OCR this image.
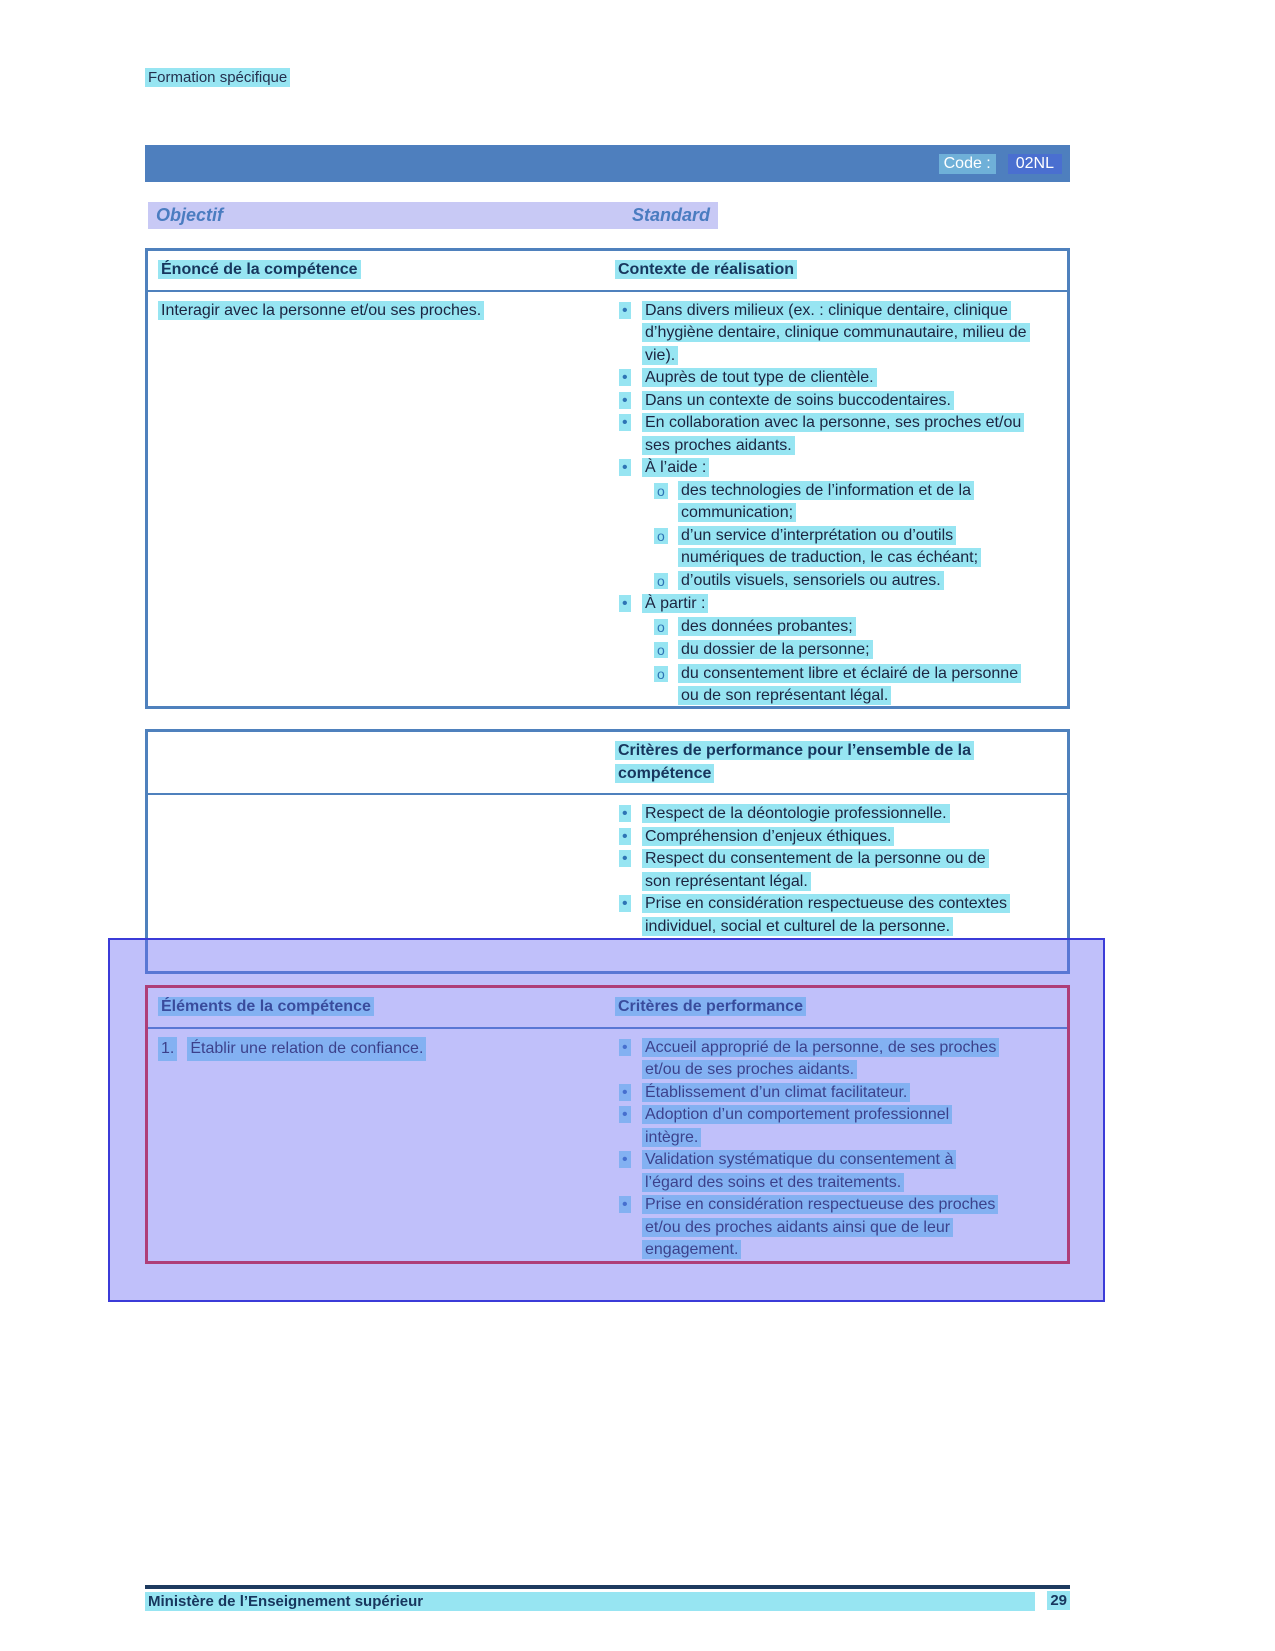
Formation spécifique
Code :	02NL
Objectif	Standard
Énoncé de la compétence	Contexte de réalisation
Interagir avec la personne et/ou ses proches. •	Dans divers milieux (ex. : clinique dentaire, clinique d’hygiène dentaire, clinique communautaire, milieu de vie).
•
Auprès de tout type de clientèle.
•
Dans un contexte de soins buccodentaires.
•
En collaboration avec la personne, ses proches et/ou ses proches aidants.
•
À l’aide :
o
des technologies de l’information et de la communication;
o
d’un service d’interprétation ou d’outils numériques de traduction, le cas échéant;
o
d’outils visuels, sensoriels ou autres.
•
À partir :
o
des données probantes;
o
du dossier de la personne;
o
du consentement libre et éclairé de la personne ou de son représentant légal.
Critères de performance pour l’ensemble de la compétence
•
Respect de la déontologie professionnelle.
•
Compréhension d’enjeux éthiques.
•
Respect du consentement de la personne ou de son représentant légal.
•
Prise en considération respectueuse des contextes individuel, social et culturel de la personne.
Éléments de la compétence	Critères de performance
1. Établir une relation de confiance. •	Accueil approprié de la personne, de ses proches et/ou de ses proches aidants.
•
Établissement d’un climat facilitateur.
•
Adoption d’un comportement professionnel intègre.
•
Validation systématique du consentement à l’égard des soins et des traitements.
•
Prise en considération respectueuse des proches et/ou des proches aidants ainsi que de leur engagement.
Ministère de l’Enseignement supérieur	29
